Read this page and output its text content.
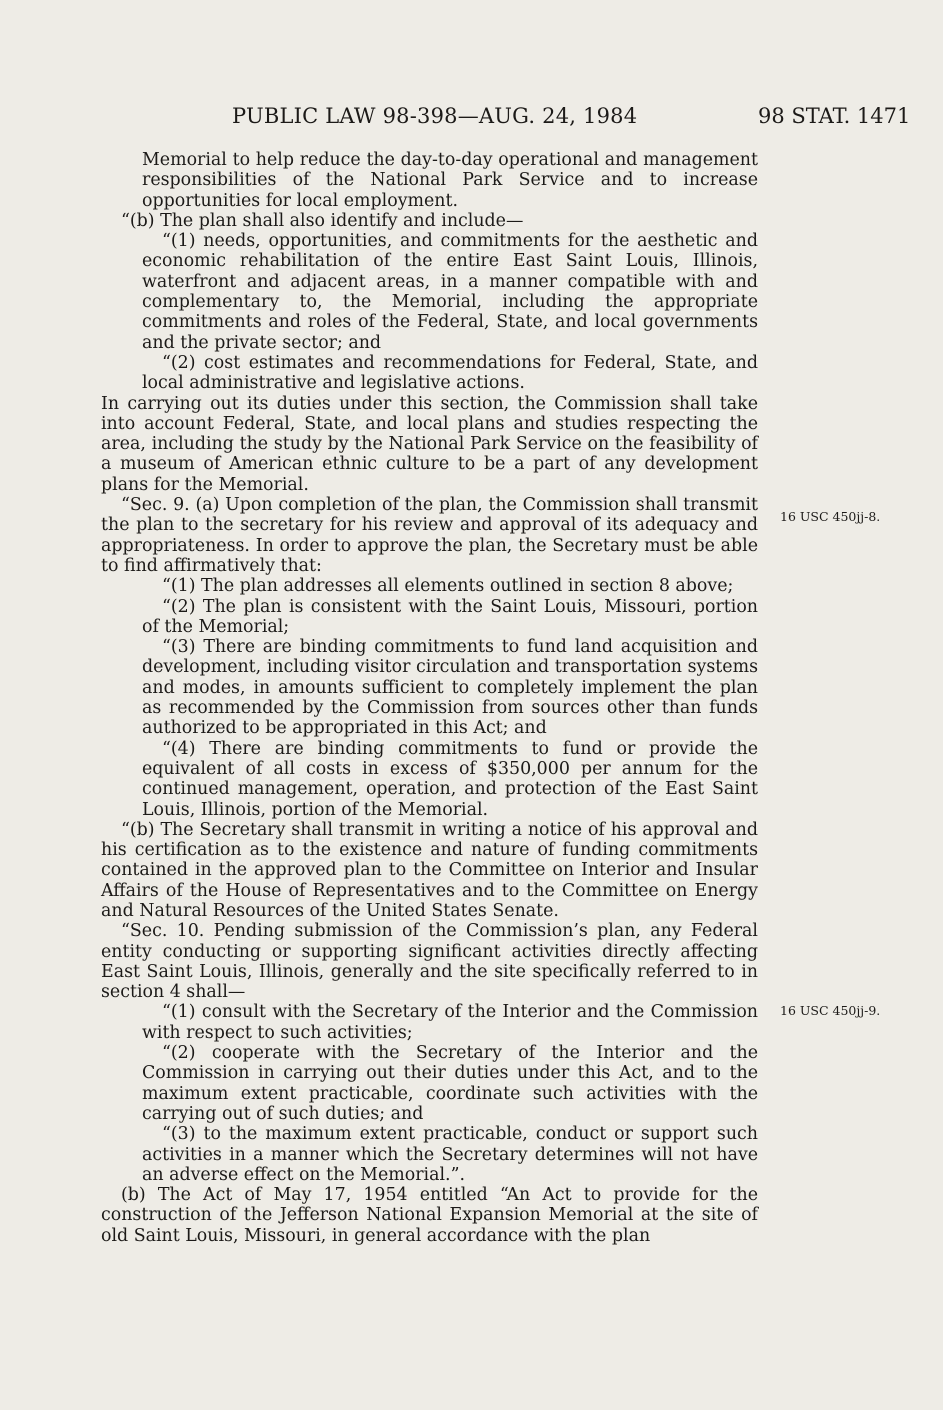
PUBLIC LAW 98-398—AUG. 24, 1984	98 STAT. 1471
16 USC 450jj-8.
16 USC 450jj-9.

Memorial to help reduce the day-to-day operational and management responsibilities of the National Park Service and to increase opportunities for local employment.

“(b) The plan shall also identify and include—

“(1) needs, opportunities, and commitments for the aesthetic and economic rehabilitation of the entire East Saint Louis, Illinois, waterfront and adjacent areas, in a manner compatible with and complementary to, the Memorial, including the appropriate commitments and roles of the Federal, State, and local governments and the private sector; and

“(2) cost estimates and recommendations for Federal, State, and local administrative and legislative actions.

In carrying out its duties under this section, the Commission shall take into account Federal, State, and local plans and studies respecting the area, including the study by the National Park Service on the feasibility of a museum of American ethnic culture to be a part of any development plans for the Memorial.

“Sec. 9. (a) Upon completion of the plan, the Commission shall transmit the plan to the secretary for his review and approval of its adequacy and appropriateness. In order to approve the plan, the Secretary must be able to find affirmatively that:

“(1) The plan addresses all elements outlined in section 8 above;

“(2) The plan is consistent with the Saint Louis, Missouri, portion of the Memorial;

“(3) There are binding commitments to fund land acquisition and development, including visitor circulation and transportation systems and modes, in amounts sufficient to completely implement the plan as recommended by the Commission from sources other than funds authorized to be appropriated in this Act; and

“(4) There are binding commitments to fund or provide the equivalent of all costs in excess of $350,000 per annum for the continued management, operation, and protection of the East Saint Louis, Illinois, portion of the Memorial.

“(b) The Secretary shall transmit in writing a notice of his approval and his certification as to the existence and nature of funding commitments contained in the approved plan to the Committee on Interior and Insular Affairs of the House of Representatives and to the Committee on Energy and Natural Resources of the United States Senate.

“Sec. 10. Pending submission of the Commission’s plan, any Federal entity conducting or supporting significant activities directly affecting East Saint Louis, Illinois, generally and the site specifically referred to in section 4 shall—

“(1) consult with the Secretary of the Interior and the Commission with respect to such activities;

“(2) cooperate with the Secretary of the Interior and the Commission in carrying out their duties under this Act, and to the maximum extent practicable, coordinate such activities with the carrying out of such duties; and

“(3) to the maximum extent practicable, conduct or support such activities in a manner which the Secretary determines will not have an adverse effect on the Memorial.”.

(b) The Act of May 17, 1954 entitled “An Act to provide for the construction of the Jefferson National Expansion Memorial at the site of old Saint Louis, Missouri, in general accordance with the plan
